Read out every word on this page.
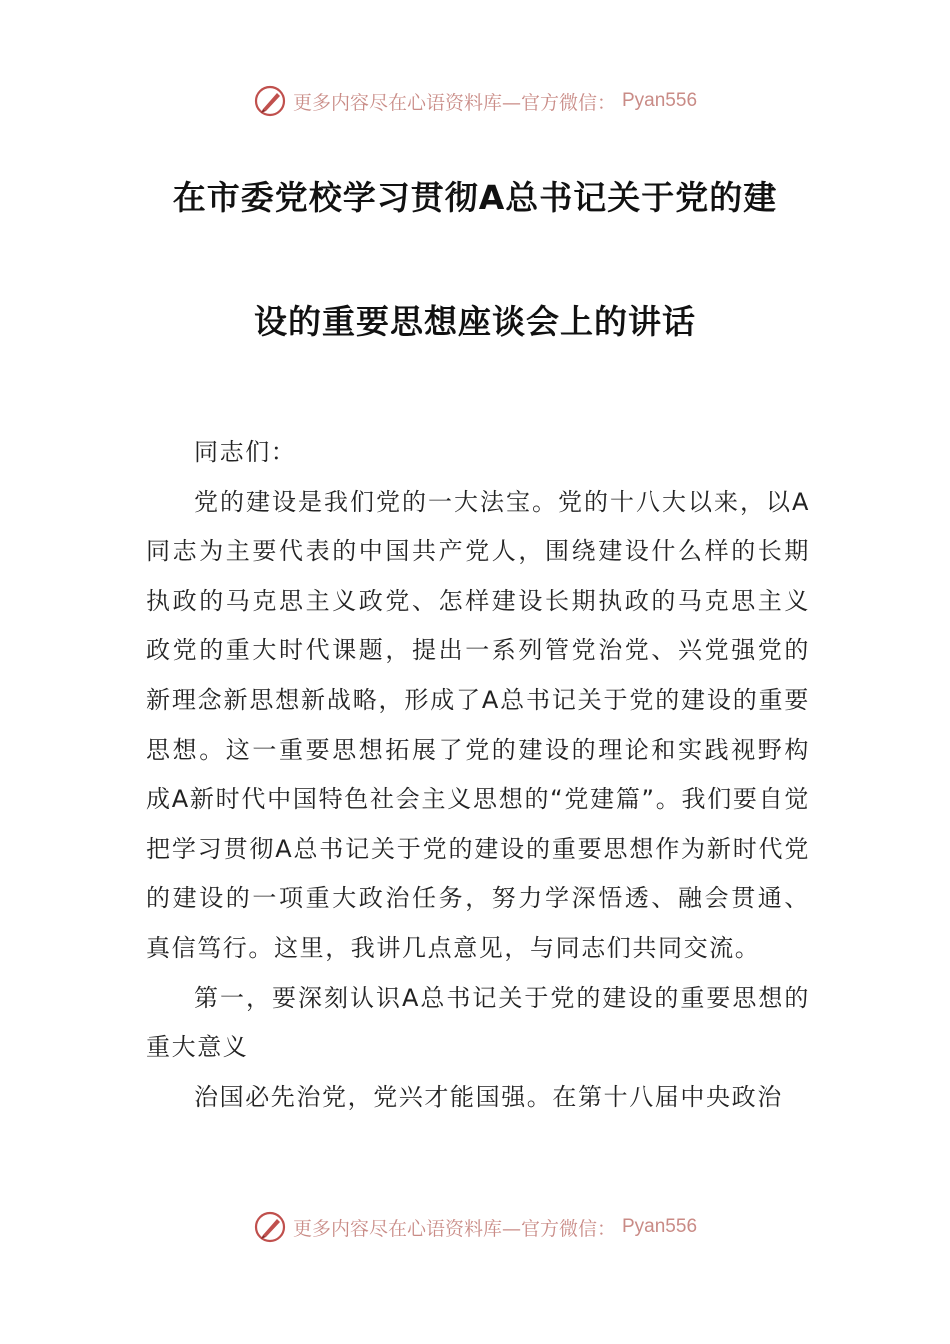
更多内容尽在心语资料库—官方微信： Pyan556
在市委党校学习贯彻A总书记关于党的建
设的重要思想座谈会上的讲话

同志们：

党的建设是我们党的一大法宝。党的十八大以来，以A同志为主要代表的中国共产党人，围绕建设什么样的长期执政的马克思主义政党、怎样建设长期执政的马克思主义政党的重大时代课题，提出一系列管党治党、兴党强党的新理念新思想新战略，形成了A总书记关于党的建设的重要思想。这一重要思想拓展了党的建设的理论和实践视野构成A新时代中国特色社会主义思想的“党建篇”。我们要自觉把学习贯彻A总书记关于党的建设的重要思想作为新时代党的建设的一项重大政治任务，努力学深悟透、融会贯通、真信笃行。这里，我讲几点意见，与同志们共同交流。

第一，要深刻认识A总书记关于党的建设的重要思想的重大意义

治国必先治党，党兴才能国强。在第十八届中央政治

更多内容尽在心语资料库—官方微信： Pyan556
